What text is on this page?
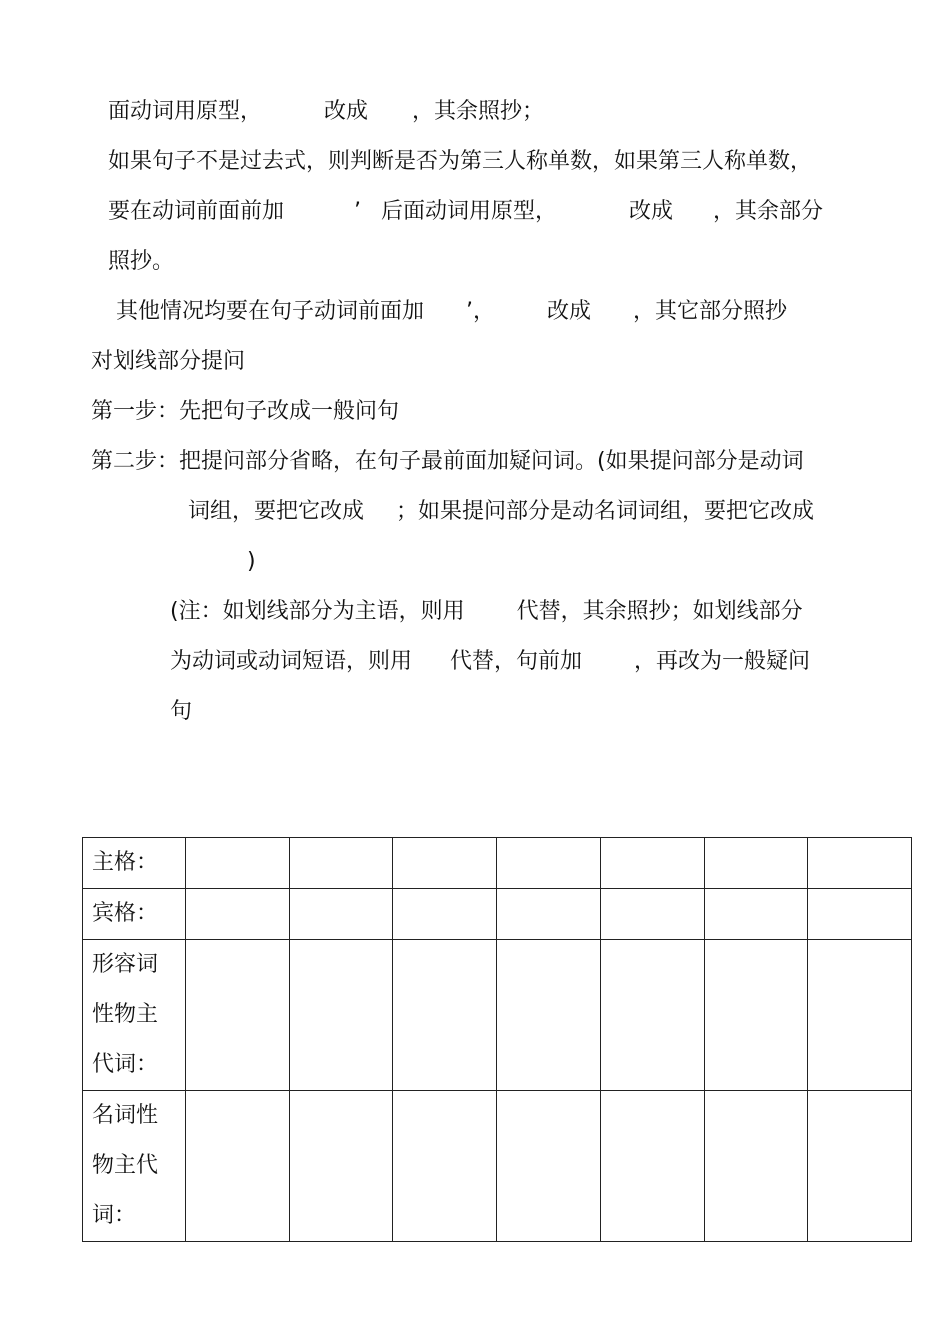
面动词用原型，	改成 ，其余照抄；
如果句子不是过去式，则判断是否为第三人称单数，如果第三人称单数，
要在动词前面前加	’ 后面动词用原型，	改成 ，其余部分
照抄。
其他情况均要在句子动词前面加 ’， 改成 ，其它部分照抄
对划线部分提问
第一步：先把句子改成一般问句
第二步：把提问部分省略，在句子最前面加疑问词。(如果提问部分是动词
词组，要把它改成 ；如果提问部分是动名词词组，要把它改成
)
(注：如划线部分为主语，则用 代替，其余照抄；如划线部分
为动词或动词短语，则用 代替，句前加 ，再改为一般疑问
句
主格：							
宾格：							

形容词
性物主
代词：							

名词性
物主代
词：							
